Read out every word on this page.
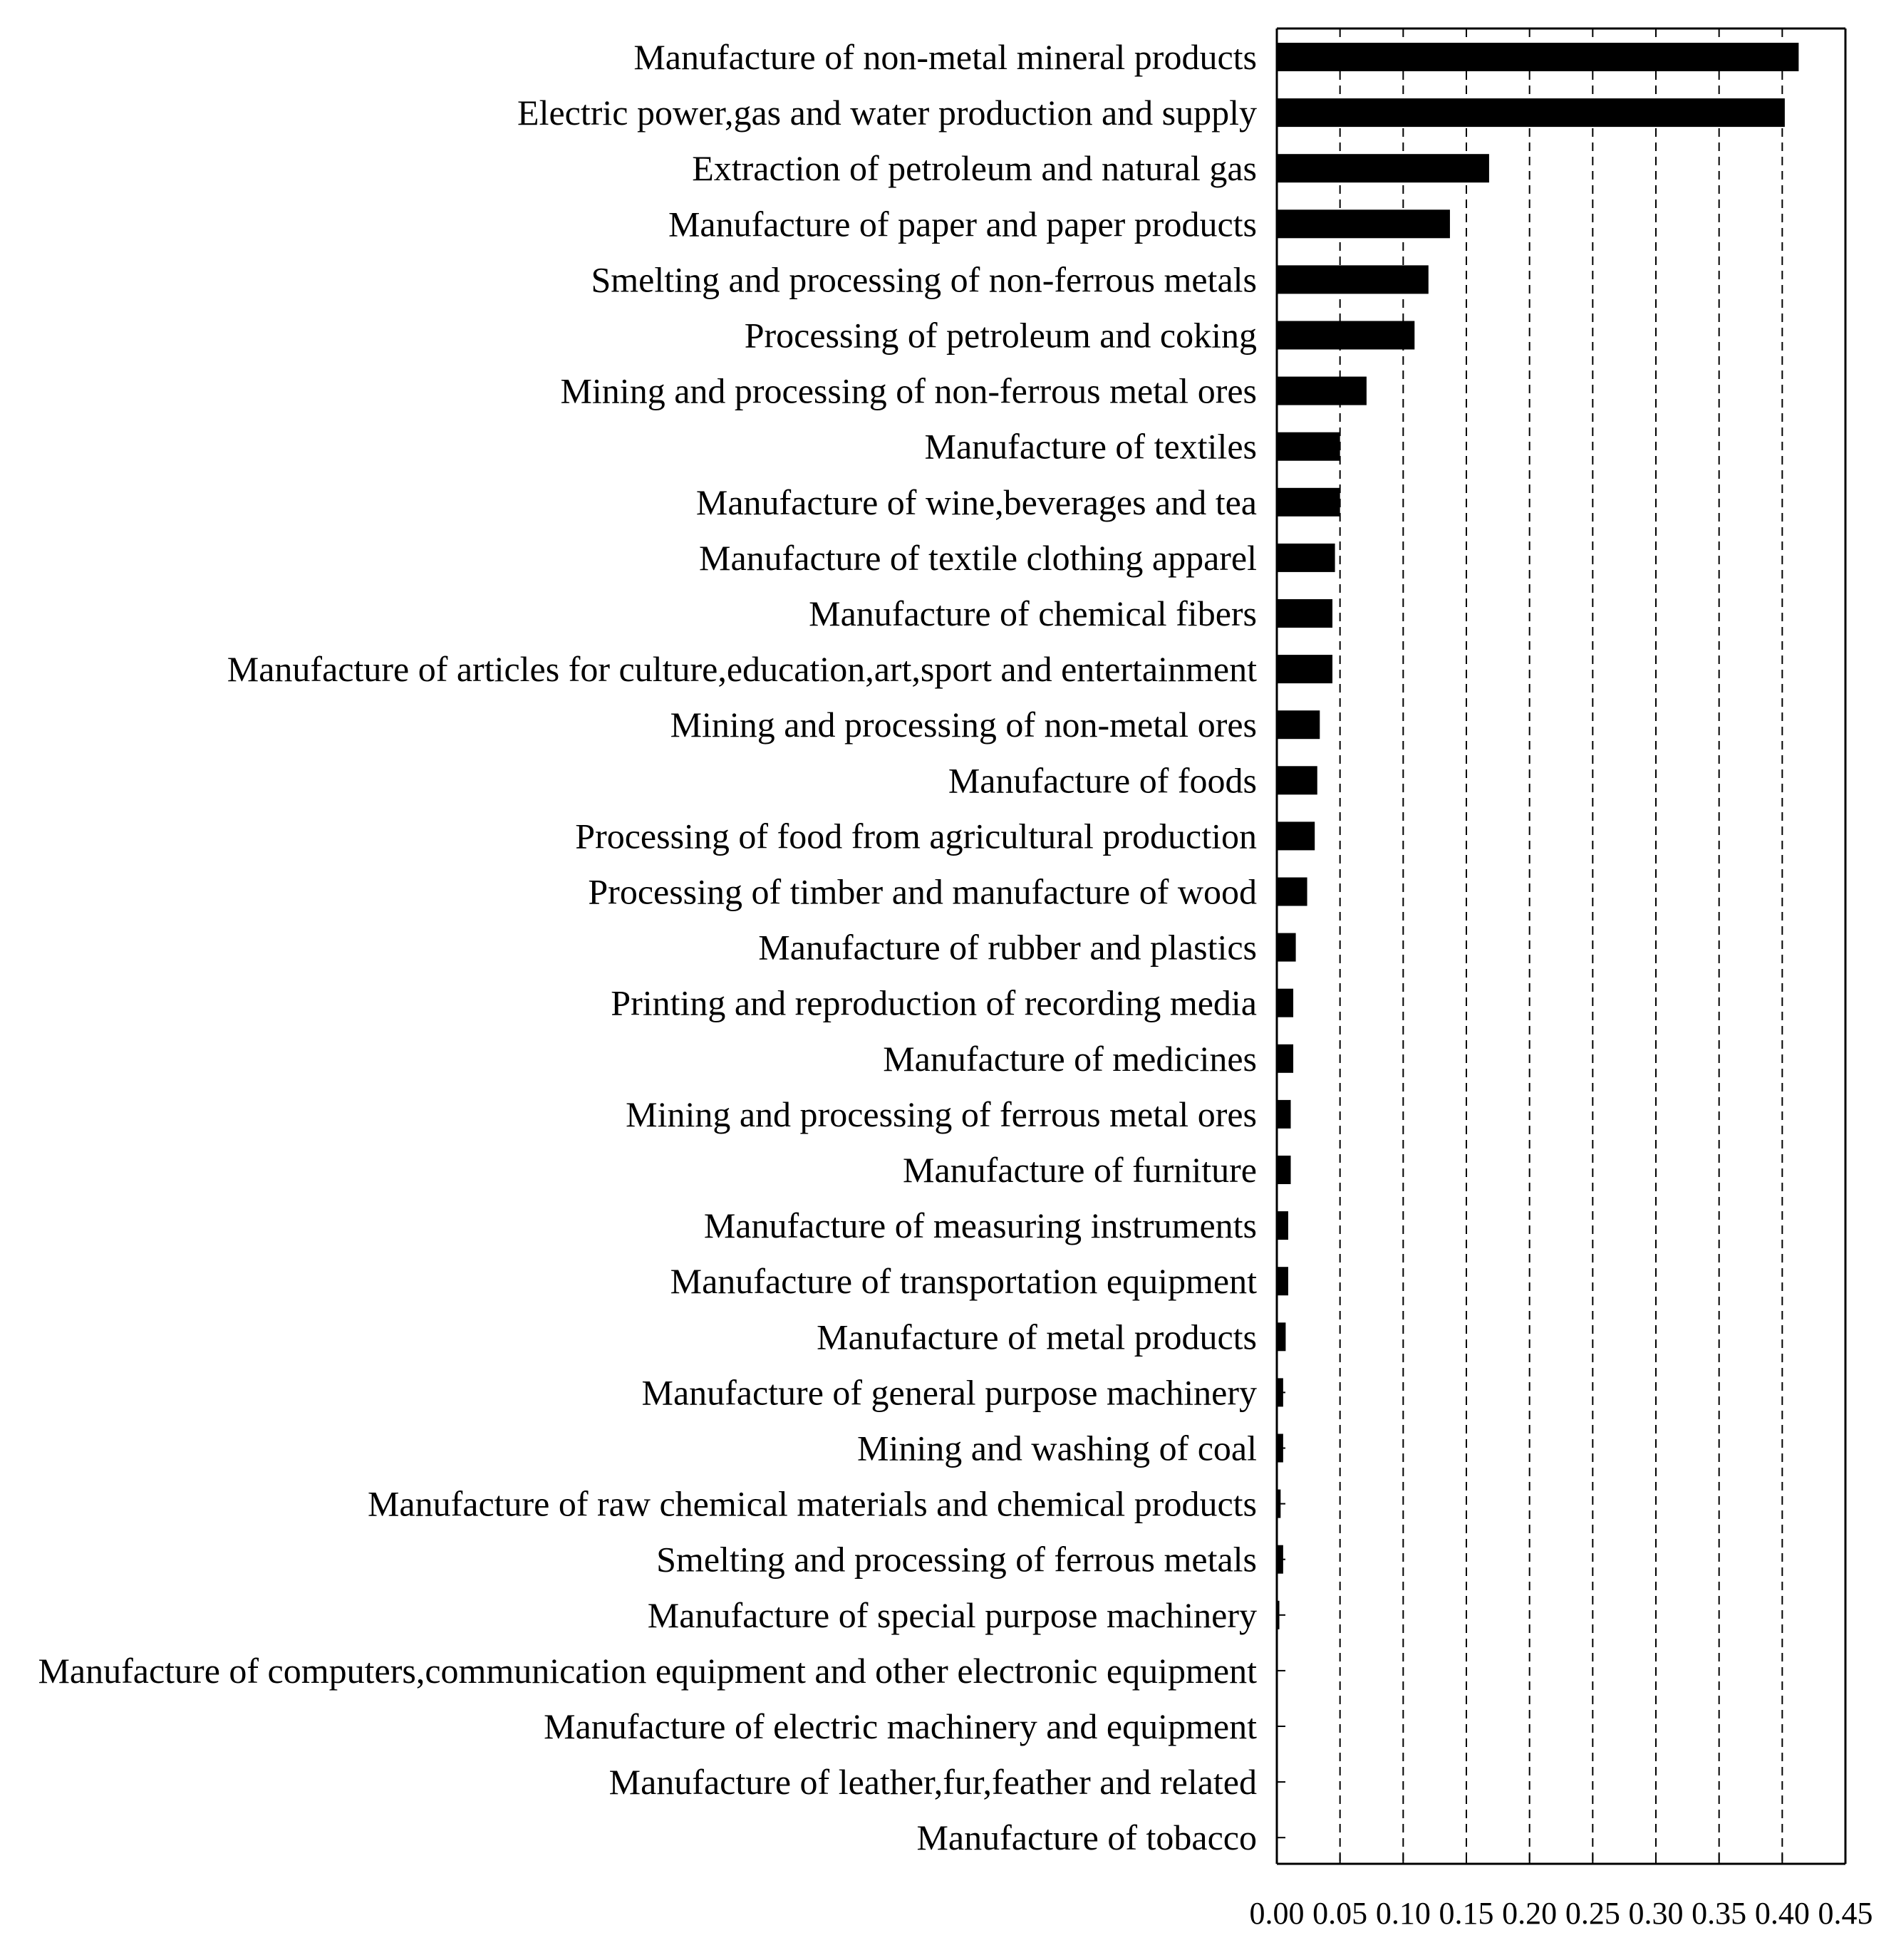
Manufacture of non-metal mineral products
Electric power,gas and water production and supply
Extraction of petroleum and natural gas
Manufacture of paper and paper products
Smelting and processing of non-ferrous metals
Processing of petroleum and coking
Mining and processing of non-ferrous metal ores
Manufacture of textiles
Manufacture of wine,beverages and tea
Manufacture of textile clothing apparel
Manufacture of chemical fibers
Manufacture of articles for culture,education,art,sport and entertainment
Mining and processing of non-metal ores
Manufacture of foods
Processing of food from agricultural production
Processing of timber and manufacture of wood
Manufacture of rubber and plastics
Printing and reproduction of recording media
Manufacture of medicines
Mining and processing of ferrous metal ores
Manufacture of furniture
Manufacture of measuring instruments
Manufacture of transportation equipment
Manufacture of metal products
Manufacture of general purpose machinery
Mining and washing of coal
Manufacture of raw chemical materials and chemical products
Smelting and processing of ferrous metals
Manufacture of special purpose machinery
Manufacture of computers,communication equipment and other electronic equipment
Manufacture of electric machinery and equipment
Manufacture of leather,fur,feather and related
Manufacture of tobacco
0.00 0.05 0.10 0.15 0.20 0.25 0.30 0.35 0.40 0.45
